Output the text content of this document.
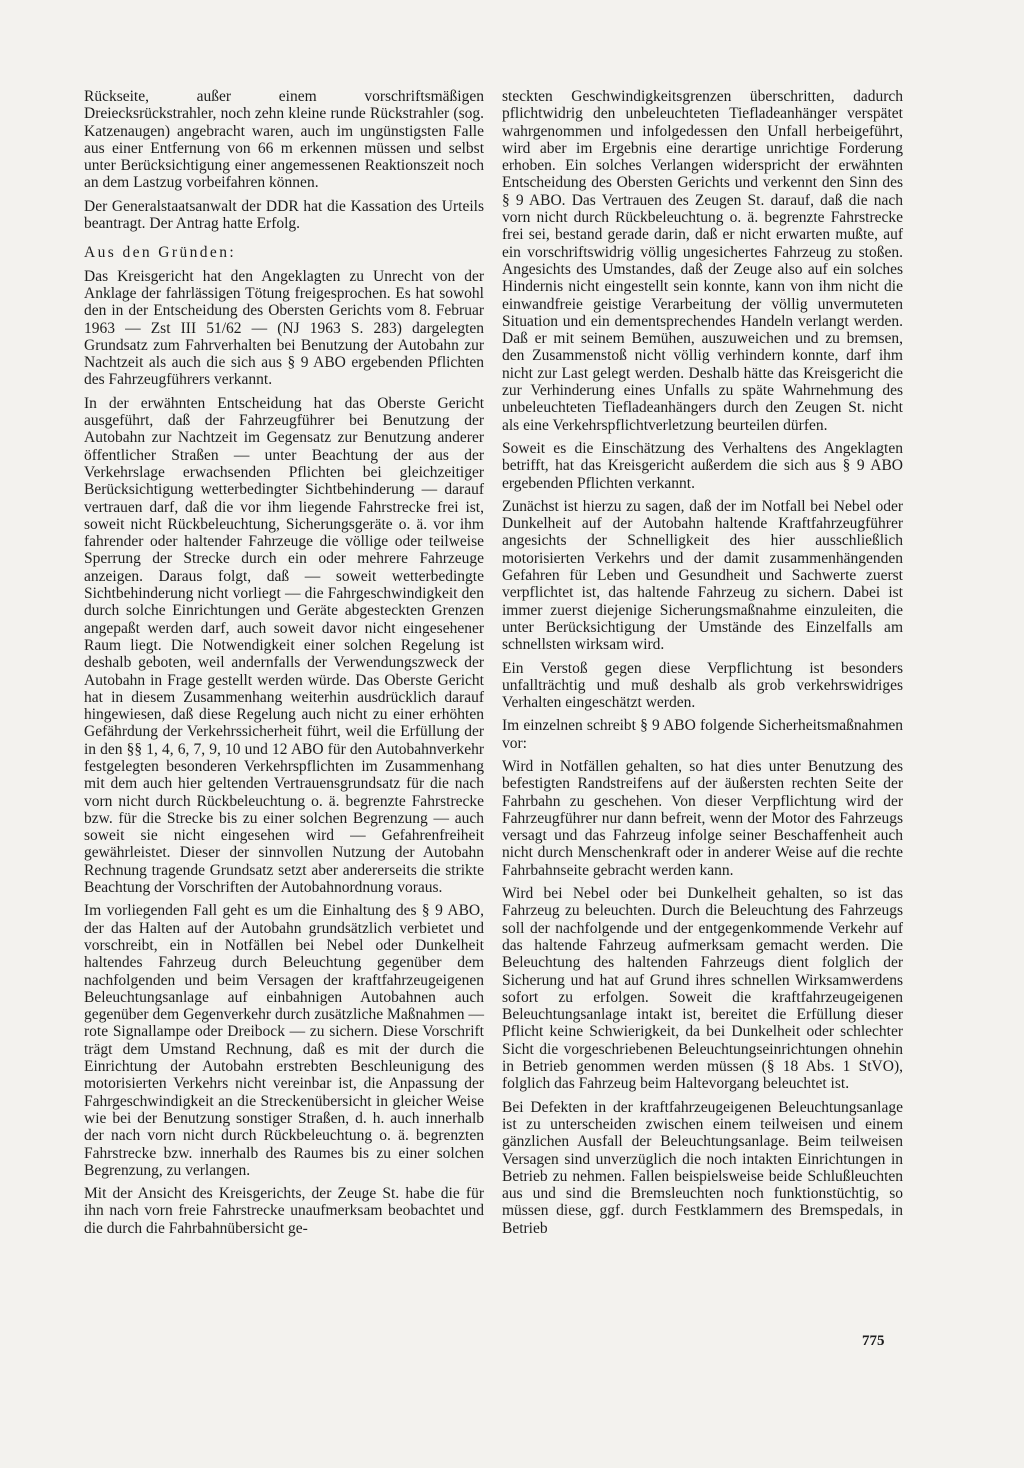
Rückseite, außer einem vorschriftsmäßigen Dreiecksrückstrahler, noch zehn kleine runde Rückstrahler (sog. Katzenaugen) angebracht waren, auch im ungünstigsten Falle aus einer Entfernung von 66 m erkennen müssen und selbst unter Berücksichtigung einer angemessenen Reaktionszeit noch an dem Lastzug vorbeifahren können.

Der Generalstaatsanwalt der DDR hat die Kassation des Urteils beantragt. Der Antrag hatte Erfolg.

Aus den Gründen:

Das Kreisgericht hat den Angeklagten zu Unrecht von der Anklage der fahrlässigen Tötung freigesprochen. Es hat sowohl den in der Entscheidung des Obersten Gerichts vom 8. Februar 1963 — Zst III 51/62 — (NJ 1963 S. 283) dargelegten Grundsatz zum Fahrverhalten bei Benutzung der Autobahn zur Nachtzeit als auch die sich aus § 9 ABO ergebenden Pflichten des Fahrzeugführers verkannt.

In der erwähnten Entscheidung hat das Oberste Gericht ausgeführt, daß der Fahrzeugführer bei Benutzung der Autobahn zur Nachtzeit im Gegensatz zur Benutzung anderer öffentlicher Straßen — unter Beachtung der aus der Verkehrslage erwachsenden Pflichten bei gleichzeitiger Berücksichtigung wetterbedingter Sichtbehinderung — darauf vertrauen darf, daß die vor ihm liegende Fahrstrecke frei ist, soweit nicht Rückbeleuchtung, Sicherungsgeräte o. ä. vor ihm fahrender oder haltender Fahrzeuge die völlige oder teilweise Sperrung der Strecke durch ein oder mehrere Fahrzeuge anzeigen. Daraus folgt, daß — soweit wetterbedingte Sichtbehinderung nicht vorliegt — die Fahrgeschwindigkeit den durch solche Einrichtungen und Geräte abgesteckten Grenzen angepaßt werden darf, auch soweit davor nicht eingesehener Raum liegt. Die Notwendigkeit einer solchen Regelung ist deshalb geboten, weil andernfalls der Verwendungszweck der Autobahn in Frage gestellt werden würde. Das Oberste Gericht hat in diesem Zusammenhang weiterhin ausdrücklich darauf hingewiesen, daß diese Regelung auch nicht zu einer erhöhten Gefährdung der Verkehrssicherheit führt, weil die Erfüllung der in den §§ 1, 4, 6, 7, 9, 10 und 12 ABO für den Autobahnverkehr festgelegten besonderen Verkehrspflichten im Zusammenhang mit dem auch hier geltenden Vertrauensgrundsatz für die nach vorn nicht durch Rückbeleuchtung o. ä. begrenzte Fahrstrecke bzw. für die Strecke bis zu einer solchen Begrenzung — auch soweit sie nicht eingesehen wird — Gefahrenfreiheit gewährleistet. Dieser der sinnvollen Nutzung der Autobahn Rechnung tragende Grundsatz setzt aber andererseits die strikte Beachtung der Vorschriften der Autobahnordnung voraus.

Im vorliegenden Fall geht es um die Einhaltung des § 9 ABO, der das Halten auf der Autobahn grundsätzlich verbietet und vorschreibt, ein in Notfällen bei Nebel oder Dunkelheit haltendes Fahrzeug durch Beleuchtung gegenüber dem nachfolgenden und beim Versagen der kraftfahrzeugeigenen Beleuchtungsanlage auf einbahnigen Autobahnen auch gegenüber dem Gegenverkehr durch zusätzliche Maßnahmen — rote Signallampe oder Dreibock — zu sichern. Diese Vorschrift trägt dem Umstand Rechnung, daß es mit der durch die Einrichtung der Autobahn erstrebten Beschleunigung des motorisierten Verkehrs nicht vereinbar ist, die Anpassung der Fahrgeschwindigkeit an die Streckenübersicht in gleicher Weise wie bei der Benutzung sonstiger Straßen, d. h. auch innerhalb der nach vorn nicht durch Rückbeleuchtung o. ä. begrenzten Fahrstrecke bzw. innerhalb des Raumes bis zu einer solchen Begrenzung, zu verlangen.

Mit der Ansicht des Kreisgerichts, der Zeuge St. habe die für ihn nach vorn freie Fahrstrecke unaufmerksam beobachtet und die durch die Fahrbahnübersicht ge-

steckten Geschwindigkeitsgrenzen überschritten, dadurch pflichtwidrig den unbeleuchteten Tiefladeanhänger verspätet wahrgenommen und infolgedessen den Unfall herbeigeführt, wird aber im Ergebnis eine derartige unrichtige Forderung erhoben. Ein solches Verlangen widerspricht der erwähnten Entscheidung des Obersten Gerichts und verkennt den Sinn des § 9 ABO. Das Vertrauen des Zeugen St. darauf, daß die nach vorn nicht durch Rückbeleuchtung o. ä. begrenzte Fahrstrecke frei sei, bestand gerade darin, daß er nicht erwarten mußte, auf ein vorschriftswidrig völlig ungesichertes Fahrzeug zu stoßen. Angesichts des Umstandes, daß der Zeuge also auf ein solches Hindernis nicht eingestellt sein konnte, kann von ihm nicht die einwandfreie geistige Verarbeitung der völlig unvermuteten Situation und ein dementsprechendes Handeln verlangt werden. Daß er mit seinem Bemühen, auszuweichen und zu bremsen, den Zusammenstoß nicht völlig verhindern konnte, darf ihm nicht zur Last gelegt werden. Deshalb hätte das Kreisgericht die zur Verhinderung eines Unfalls zu späte Wahrnehmung des unbeleuchteten Tiefladeanhängers durch den Zeugen St. nicht als eine Verkehrspflichtverletzung beurteilen dürfen.

Soweit es die Einschätzung des Verhaltens des Angeklagten betrifft, hat das Kreisgericht außerdem die sich aus § 9 ABO ergebenden Pflichten verkannt.

Zunächst ist hierzu zu sagen, daß der im Notfall bei Nebel oder Dunkelheit auf der Autobahn haltende Kraftfahrzeugführer angesichts der Schnelligkeit des hier ausschließlich motorisierten Verkehrs und der damit zusammenhängenden Gefahren für Leben und Gesundheit und Sachwerte zuerst verpflichtet ist, das haltende Fahrzeug zu sichern. Dabei ist immer zuerst diejenige Sicherungsmaßnahme einzuleiten, die unter Berücksichtigung der Umstände des Einzelfalls am schnellsten wirksam wird.

Ein Verstoß gegen diese Verpflichtung ist besonders unfallträchtig und muß deshalb als grob verkehrswidriges Verhalten eingeschätzt werden.

Im einzelnen schreibt § 9 ABO folgende Sicherheitsmaßnahmen vor:

Wird in Notfällen gehalten, so hat dies unter Benutzung des befestigten Randstreifens auf der äußersten rechten Seite der Fahrbahn zu geschehen. Von dieser Verpflichtung wird der Fahrzeugführer nur dann befreit, wenn der Motor des Fahrzeugs versagt und das Fahrzeug infolge seiner Beschaffenheit auch nicht durch Menschenkraft oder in anderer Weise auf die rechte Fahrbahnseite gebracht werden kann.

Wird bei Nebel oder bei Dunkelheit gehalten, so ist das Fahrzeug zu beleuchten. Durch die Beleuchtung des Fahrzeugs soll der nachfolgende und der entgegenkommende Verkehr auf das haltende Fahrzeug aufmerksam gemacht werden. Die Beleuchtung des haltenden Fahrzeugs dient folglich der Sicherung und hat auf Grund ihres schnellen Wirksamwerdens sofort zu erfolgen. Soweit die kraftfahrzeugeigenen Beleuchtungsanlage intakt ist, bereitet die Erfüllung dieser Pflicht keine Schwierigkeit, da bei Dunkelheit oder schlechter Sicht die vorgeschriebenen Beleuchtungseinrichtungen ohnehin in Betrieb genommen werden müssen (§ 18 Abs. 1 StVO), folglich das Fahrzeug beim Haltevorgang beleuchtet ist.

Bei Defekten in der kraftfahrzeugeigenen Beleuchtungsanlage ist zu unterscheiden zwischen einem teilweisen und einem gänzlichen Ausfall der Beleuchtungsanlage. Beim teilweisen Versagen sind unverzüglich die noch intakten Einrichtungen in Betrieb zu nehmen. Fallen beispielsweise beide Schlußleuchten aus und sind die Bremsleuchten noch funktionstüchtig, so müssen diese, ggf. durch Festklammern des Bremspedals, in Betrieb

775
